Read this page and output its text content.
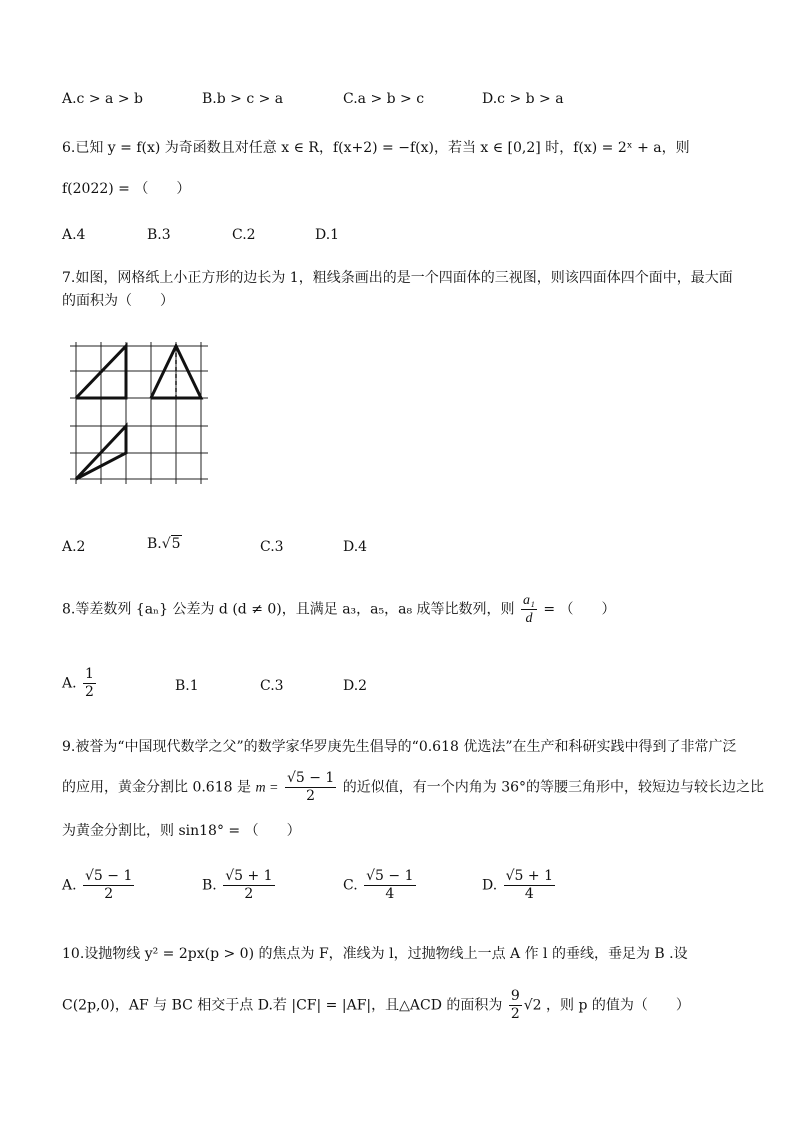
A.c > a > b	B.b > c > a	C.a > b > c	D.c > b > a
6.已知 y = f(x) 为奇函数且对任意 x ∈ R，f(x+2) = −f(x)，若当 x ∈ [0,2] 时，f(x) = 2ˣ + a，则
f(2022) = （　　）
A.4	B.3	C.2	D.1
7.如图，网格纸上小正方形的边长为 1，粗线条画出的是一个四面体的三视图，则该四面体四个面中，最大面
的面积为（　　）
A.2	B.√5	C.3	D.4
8.等差数列 {aₙ} 公差为 d (d ≠ 0)，且满足 a₃，a₅，a₈ 成等比数列，则 $\frac{\text{a₁}}{d}$ = （　　）
A. $\frac{1}{2}$	B.1	C.3	D.2
9.被誉为“中国现代数学之父”的数学家华罗庚先生倡导的“0.618 优选法”在生产和科研实践中得到了非常广泛
的应用，黄金分割比 0.618 是 $m = \frac{√5 - 1}{2}$ 的近似值，有一个内角为 36°的等腰三角形中，较短边与较长边之比
为黄金分割比，则 sin18° = （　　）
A. $\frac{√5 - 1}{2}$	B. $\frac{√5 + 1}{2}$	C. $\frac{√5 - 1}{4}$	D. $\frac{√5 + 1}{4}$
10.设抛物线 y² = 2px(p > 0) 的焦点为 F，准线为 l，过抛物线上一点 A 作 l 的垂线，垂足为 B .设
C(2p,0)，AF 与 BC 相交于点 D.若 |CF| = |AF|，且△ACD 的面积为 $\frac{9}{2} √2$ ，则 p 的值为（　　）
